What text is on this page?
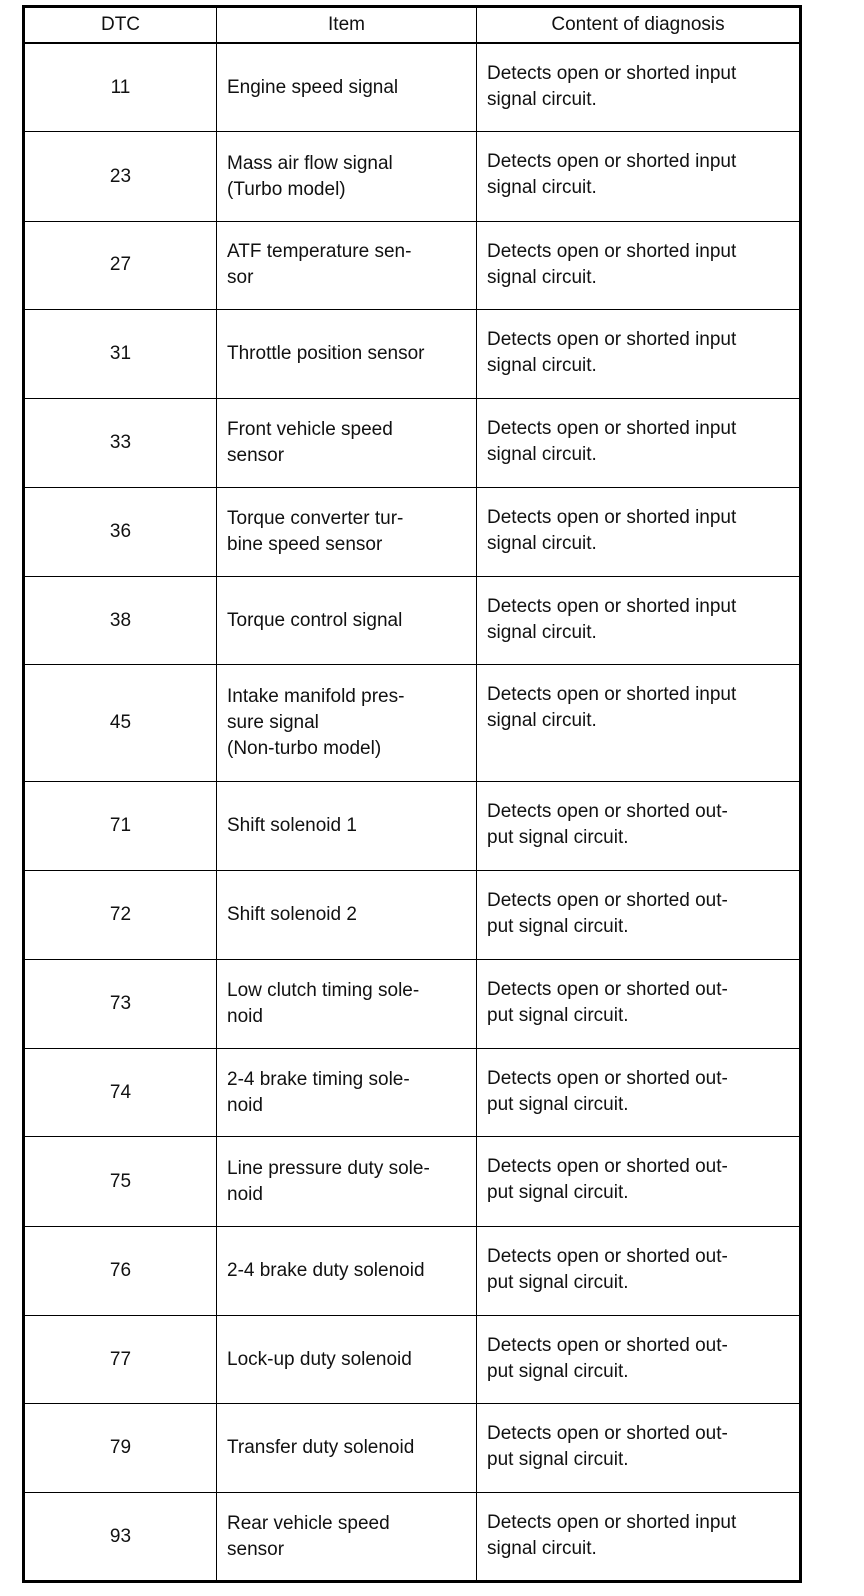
DTC	Item	Content of diagnosis
11	Engine speed signal	Detects open or shorted input
signal circuit.
23	Mass air flow signal
(Turbo model)	Detects open or shorted input
signal circuit.
27	ATF temperature sen-
sor	Detects open or shorted input
signal circuit.
31	Throttle position sensor	Detects open or shorted input
signal circuit.
33	Front vehicle speed
sensor	Detects open or shorted input
signal circuit.
36	Torque converter tur-
bine speed sensor	Detects open or shorted input
signal circuit.
38	Torque control signal	Detects open or shorted input
signal circuit.
45	Intake manifold pres-
sure signal
(Non-turbo model)	Detects open or shorted input
signal circuit.
71	Shift solenoid 1	Detects open or shorted out-
put signal circuit.
72	Shift solenoid 2	Detects open or shorted out-
put signal circuit.
73	Low clutch timing sole-
noid	Detects open or shorted out-
put signal circuit.
74	2-4 brake timing sole-
noid	Detects open or shorted out-
put signal circuit.
75	Line pressure duty sole-
noid	Detects open or shorted out-
put signal circuit.
76	2-4 brake duty solenoid	Detects open or shorted out-
put signal circuit.
77	Lock-up duty solenoid	Detects open or shorted out-
put signal circuit.
79	Transfer duty solenoid	Detects open or shorted out-
put signal circuit.
93	Rear vehicle speed
sensor	Detects open or shorted input
signal circuit.
